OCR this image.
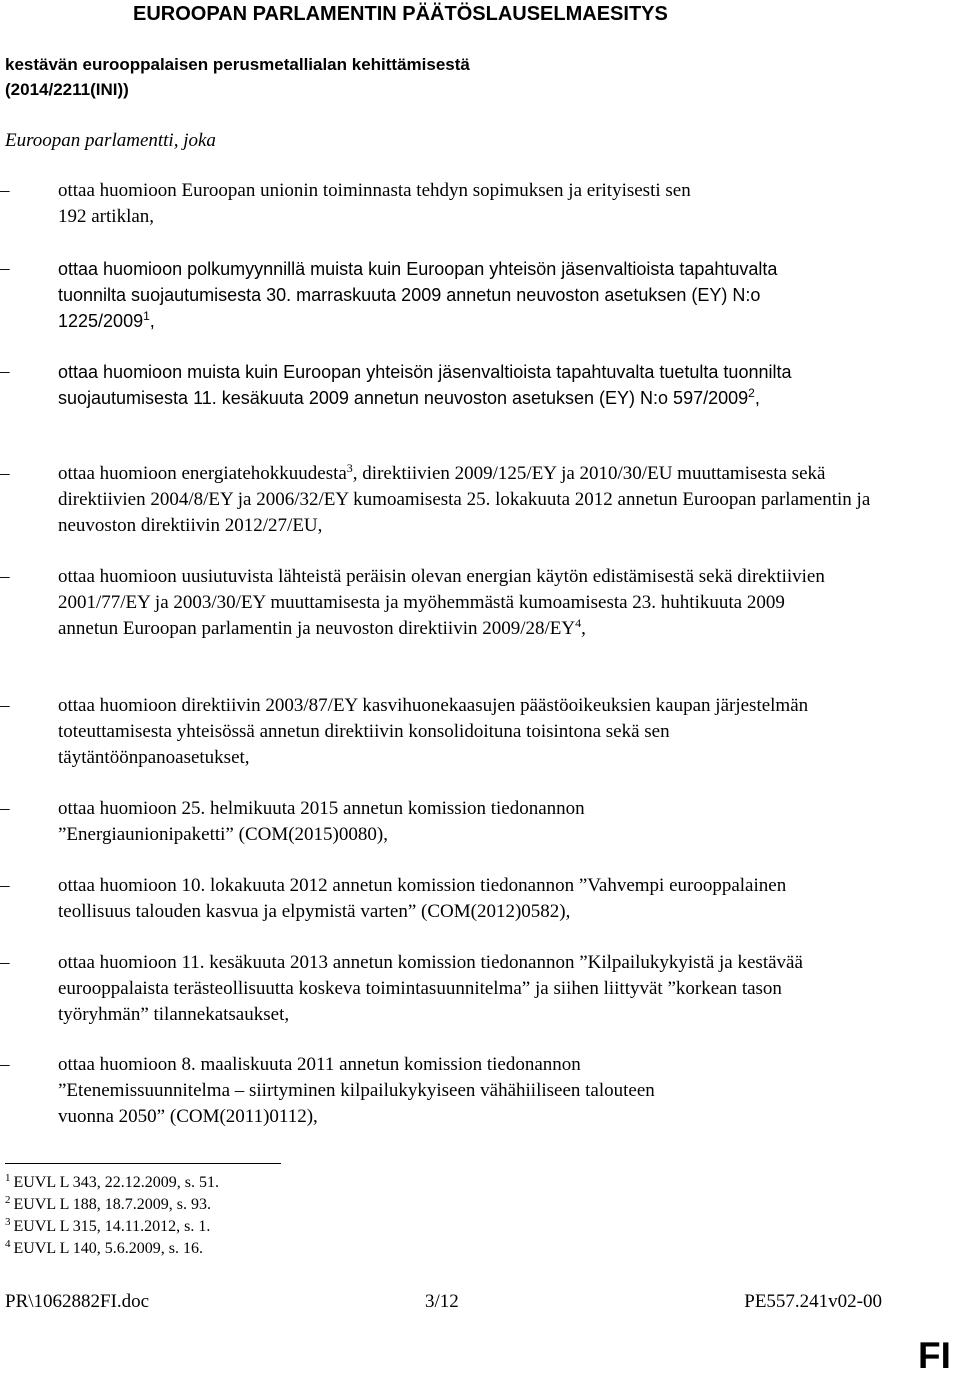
EUROOPAN PARLAMENTIN PÄÄTÖSLAUSELMAESITYS
kestävän eurooppalaisen perusmetallialan kehittämisestä
(2014/2211(INI))

Euroopan parlamentti, joka

–	ottaa huomioon Euroopan unionin toiminnasta tehdyn sopimuksen ja erityisesti sen
192 artiklan,
–	ottaa huomioon polkumyynnillä muista kuin Euroopan yhteisön jäsenvaltioista tapahtuvalta tuonnilta suojautumisesta 30. marraskuuta 2009 annetun neuvoston asetuksen (EY) N:o 1225/2009$^1$,
–	ottaa huomioon muista kuin Euroopan yhteisön jäsenvaltioista tapahtuvalta tuetulta tuonnilta suojautumisesta 11. kesäkuuta 2009 annetun neuvoston asetuksen (EY) N:o 597/2009$^2$,
–	ottaa huomioon energiatehokkuudesta$^3$, direktiivien 2009/125/EY ja 2010/30/EU muuttamisesta sekä direktiivien 2004/8/EY ja 2006/32/EY kumoamisesta 25. lokakuuta 2012 annetun Euroopan parlamentin ja neuvoston direktiivin 2012/27/EU,
–	ottaa huomioon uusiutuvista lähteistä peräisin olevan energian käytön edistämisestä sekä direktiivien 2001/77/EY ja 2003/30/EY muuttamisesta ja myöhemmästä kumoamisesta 23. huhtikuuta 2009 annetun Euroopan parlamentin ja neuvoston direktiivin $2009/28/EY^4$,
–	ottaa huomioon direktiivin 2003/87/EY kasvihuonekaasujen päästöoikeuksien kaupan järjestelmän toteuttamisesta yhteisössä annetun direktiivin konsolidoituna toisintona sekä sen täytäntöönpanoasetukset,
–	ottaa huomioon 25. helmikuuta 2015 annetun komission tiedonannon
”Energiaunionipaketti” (COM(2015)0080),
–	ottaa huomioon 10. lokakuuta 2012 annetun komission tiedonannon ”Vahvempi eurooppalainen teollisuus talouden kasvua ja elpymistä varten” (COM(2012)0582),
–	ottaa huomioon 11. kesäkuuta 2013 annetun komission tiedonannon ”Kilpailukykyistä ja kestävää eurooppalaista terästeollisuutta koskeva toimintasuunnitelma” ja siihen liittyvät ”korkean tason työryhmän” tilannekatsaukset,
–	ottaa huomioon 8. maaliskuuta 2011 annetun komission tiedonannon
”Etenemissuunnitelma – siirtyminen kilpailukykyiseen vähähiiliseen talouteen
vuonna 2050” (COM(2011)0112),
$^1$ EUVL L 343, 22.12.2009, s. 51.
$^2$ EUVL L 188, 18.7.2009, s. 93.
$^3$ EUVL L 315, 14.11.2012, s. 1.
$^4$ EUVL L 140, 5.6.2009, s. 16.
PR\1062882FI.doc	3/12	PE557.241v02-00
FI
